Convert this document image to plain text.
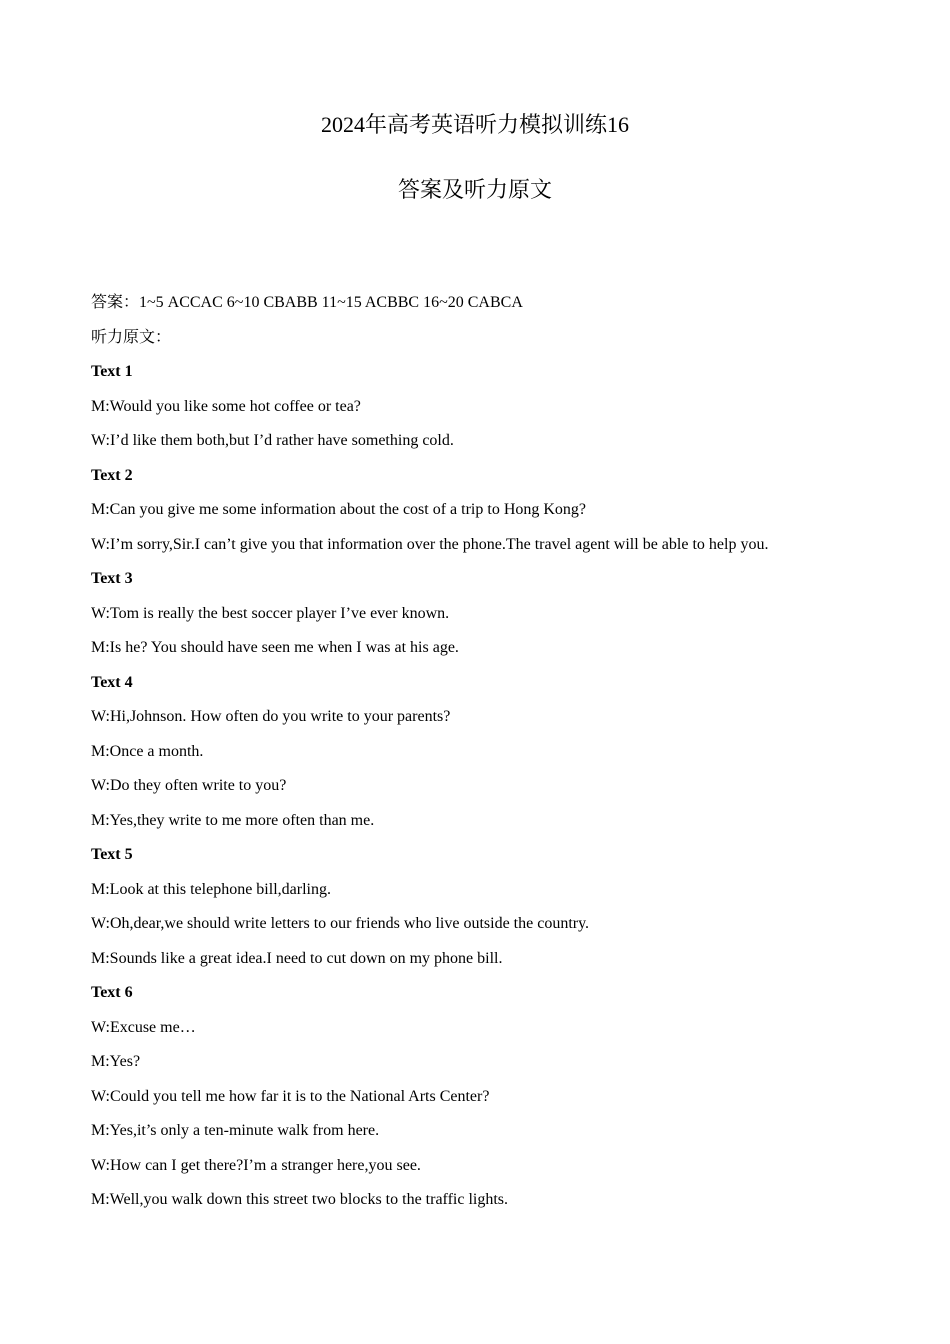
2024年高考英语听力模拟训练16
答案及听力原文
答案：1~5 ACCAC 6~10 CBABB 11~15 ACBBC 16~20 CABCA
听力原文：
Text 1
M:Would you like some hot coffee or tea?
W:I’d like them both,but I’d rather have something cold.
Text 2
M:Can you give me some information about the cost of a trip to Hong Kong?
W:I’m sorry,Sir.I can’t give you that information over the phone.The travel agent will be able to help you.
Text 3
W:Tom is really the best soccer player I’ve ever known.
M:Is he? You should have seen me when I was at his age.
Text 4
W:Hi,Johnson. How often do you write to your parents?
M:Once a month.
W:Do they often write to you?
M:Yes,they write to me more often than me.
Text 5
M:Look at this telephone bill,darling.
W:Oh,dear,we should write letters to our friends who live outside the country.
M:Sounds like a great idea.I need to cut down on my phone bill.
Text 6
W:Excuse me…
M:Yes?
W:Could you tell me how far it is to the National Arts Center?
M:Yes,it’s only a ten-minute walk from here.
W:How can I get there?I’m a stranger here,you see.
M:Well,you walk down this street two blocks to the traffic lights.
